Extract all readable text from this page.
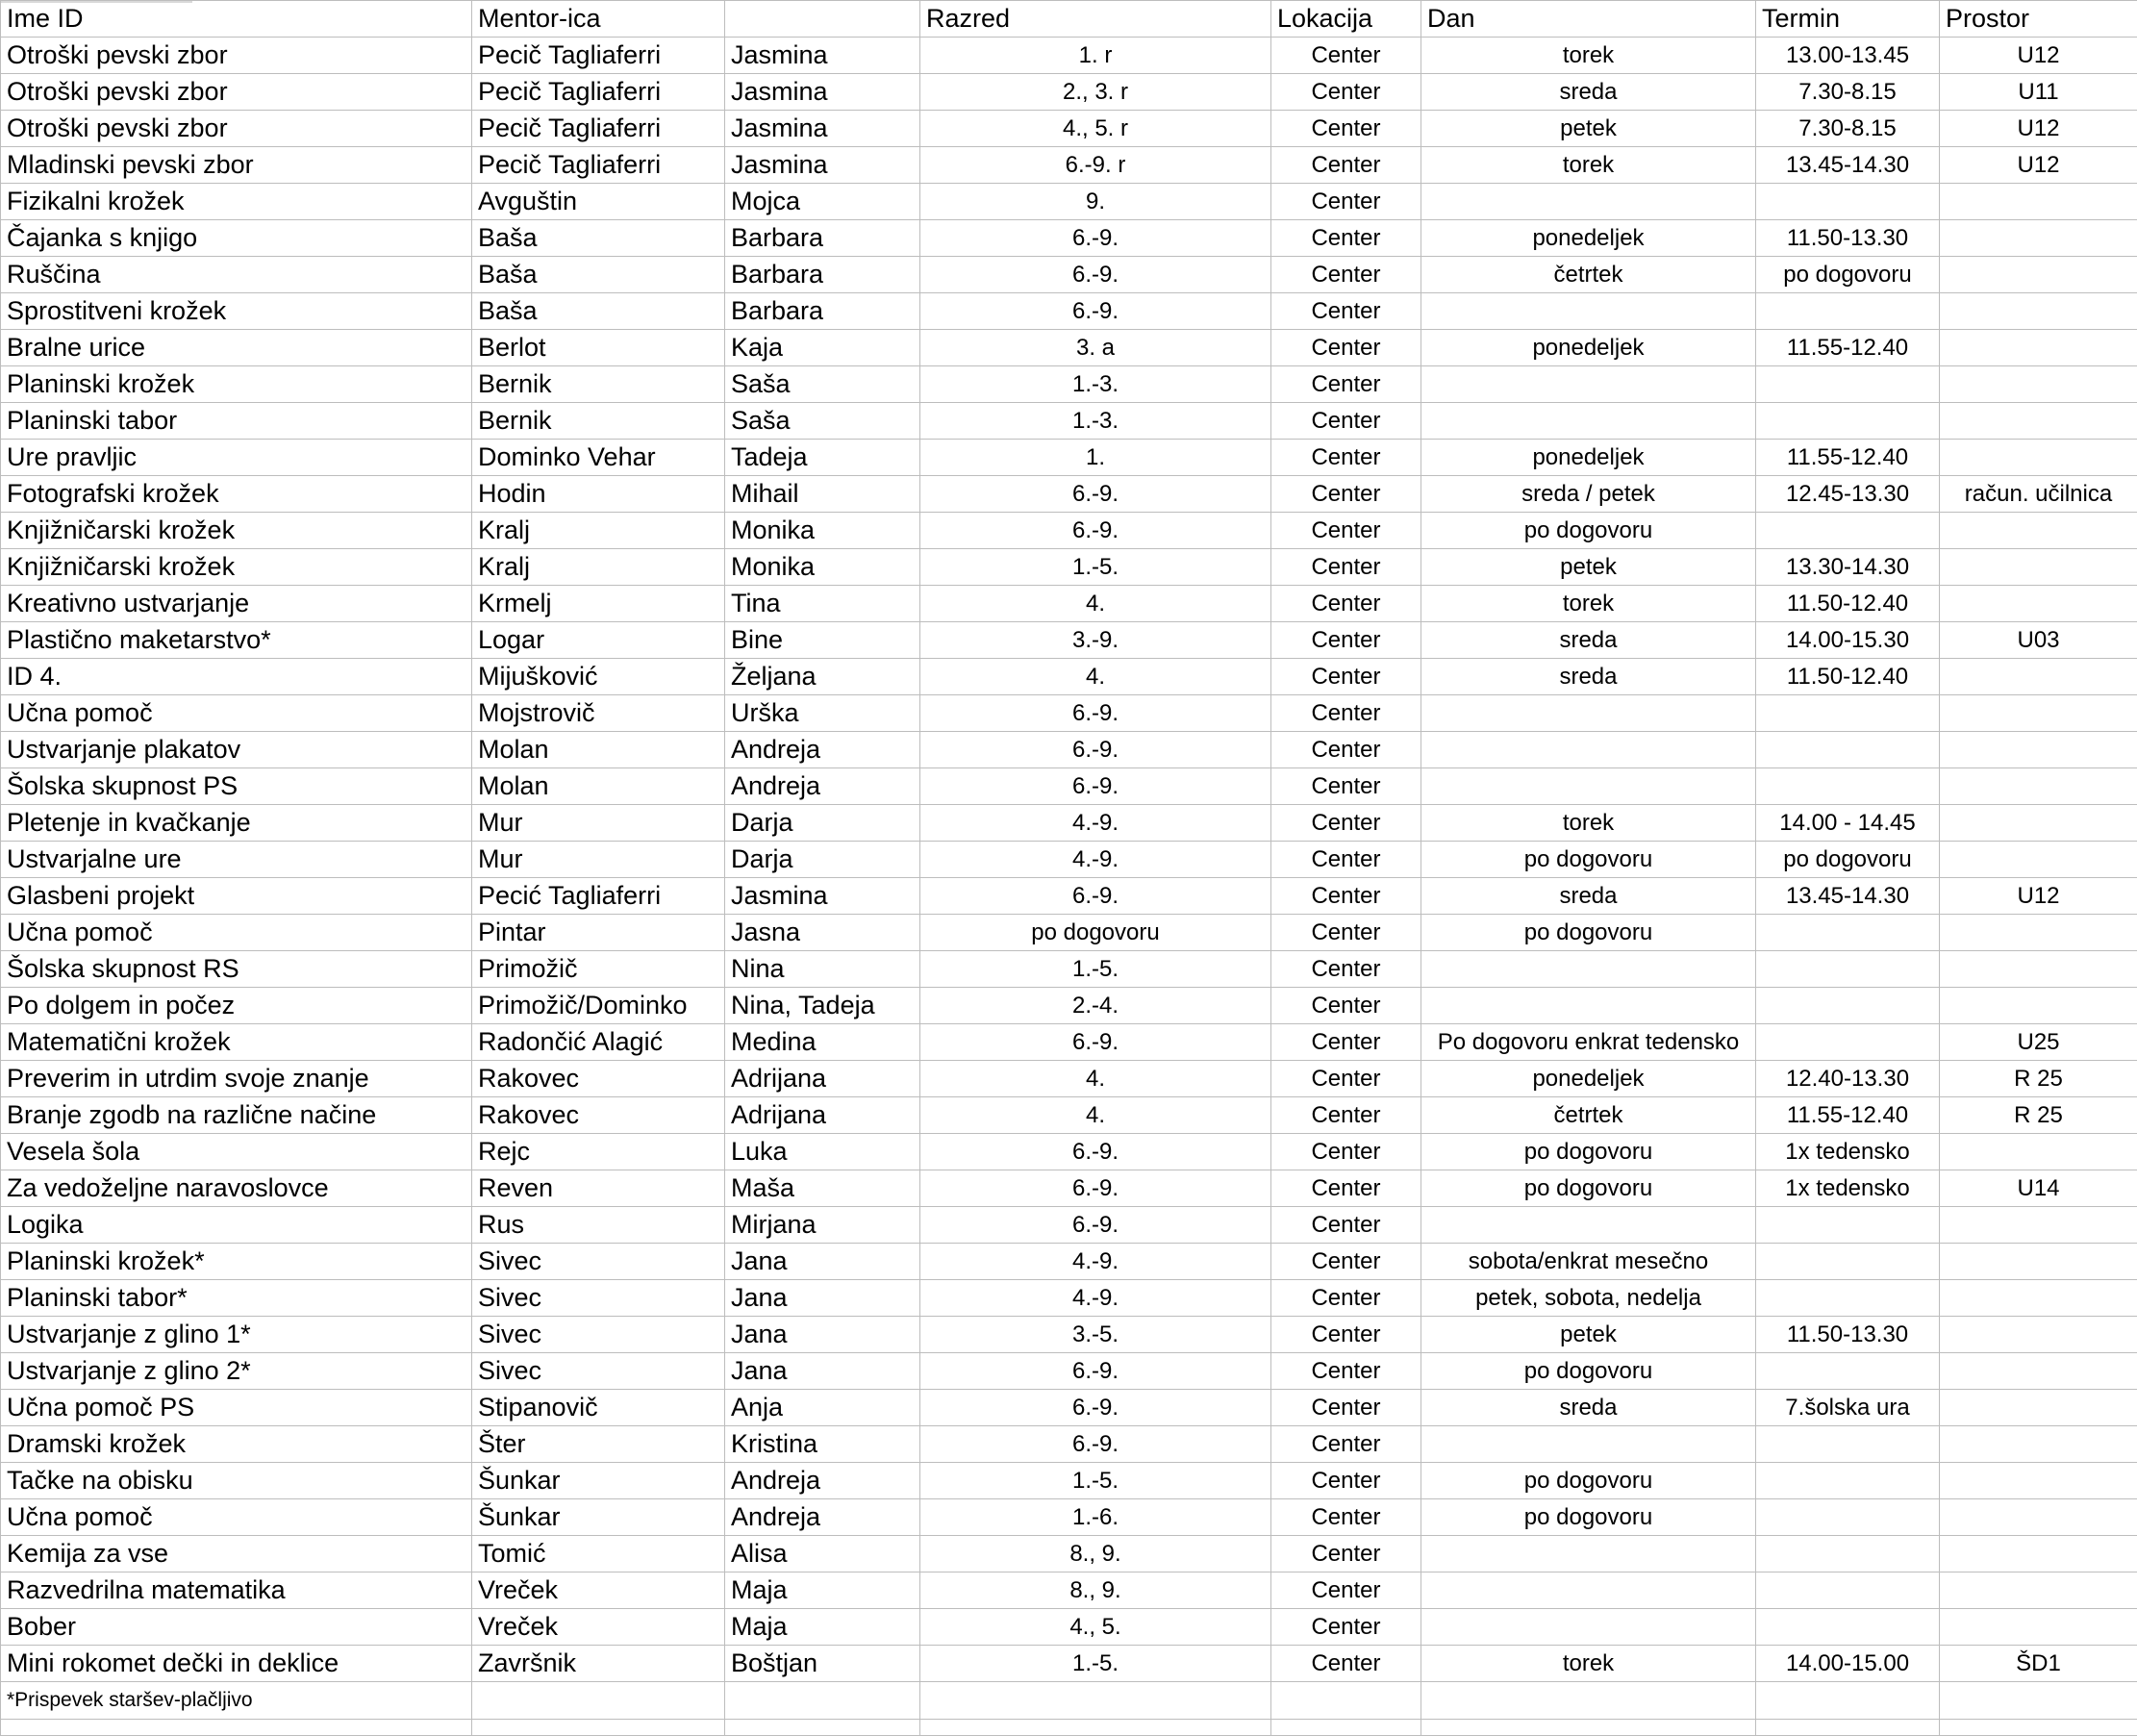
Ime ID	Mentor-ica		Razred	Lokacija	Dan	Termin	Prostor
Otroški pevski zbor	Pecič Tagliaferri	Jasmina	1. r	Center	torek	13.00-13.45	U12
Otroški pevski zbor	Pecič Tagliaferri	Jasmina	2., 3. r	Center	sreda	7.30-8.15	U11
Otroški pevski zbor	Pecič Tagliaferri	Jasmina	4., 5. r	Center	petek	7.30-8.15	U12
Mladinski pevski zbor	Pecič Tagliaferri	Jasmina	6.-9. r	Center	torek	13.45-14.30	U12
Fizikalni krožek	Avguštin	Mojca	9.	Center			
Čajanka s knjigo	Baša	Barbara	6.-9.	Center	ponedeljek	11.50-13.30	
Ruščina	Baša	Barbara	6.-9.	Center	četrtek	po dogovoru	
Sprostitveni krožek	Baša	Barbara	6.-9.	Center			
Bralne urice	Berlot	Kaja	3. a	Center	ponedeljek	11.55-12.40	
Planinski krožek	Bernik	Saša	1.-3.	Center			
Planinski tabor	Bernik	Saša	1.-3.	Center			
Ure pravljic	Dominko Vehar	Tadeja	1.	Center	ponedeljek	11.55-12.40	
Fotografski krožek	Hodin	Mihail	6.-9.	Center	sreda / petek	12.45-13.30	račun. učilnica
Knjižničarski krožek	Kralj	Monika	6.-9.	Center	po dogovoru		
Knjižničarski krožek	Kralj	Monika	1.-5.	Center	petek	13.30-14.30	
Kreativno ustvarjanje	Krmelj	Tina	4.	Center	torek	11.50-12.40	
Plastično maketarstvo*	Logar	Bine	3.-9.	Center	sreda	14.00-15.30	U03
ID 4.	Mijušković	Željana	4.	Center	sreda	11.50-12.40	
Učna pomoč	Mojstrovič	Urška	6.-9.	Center			
Ustvarjanje plakatov	Molan	Andreja	6.-9.	Center			
Šolska skupnost PS	Molan	Andreja	6.-9.	Center			
Pletenje in kvačkanje	Mur	Darja	4.-9.	Center	torek	14.00 - 14.45	
Ustvarjalne ure	Mur	Darja	4.-9.	Center	po dogovoru	po dogovoru	
Glasbeni projekt	Pecić Tagliaferri	Jasmina	6.-9.	Center	sreda	13.45-14.30	U12
Učna pomoč	Pintar	Jasna	po dogovoru	Center	po dogovoru		
Šolska skupnost RS	Primožič	Nina	1.-5.	Center			
Po dolgem in počez	Primožič/Dominko	Nina, Tadeja	2.-4.	Center			
Matematični krožek	Radončić Alagić	Medina	6.-9.	Center	Po dogovoru enkrat tedensko		U25
Preverim in utrdim svoje znanje	Rakovec	Adrijana	4.	Center	ponedeljek	12.40-13.30	R 25
Branje zgodb na različne načine	Rakovec	Adrijana	4.	Center	četrtek	11.55-12.40	R 25
Vesela šola	Rejc	Luka	6.-9.	Center	po dogovoru	1x tedensko	
Za vedoželjne naravoslovce	Reven	Maša	6.-9.	Center	po dogovoru	1x tedensko	U14
Logika	Rus	Mirjana	6.-9.	Center			
Planinski krožek*	Sivec	Jana	4.-9.	Center	sobota/enkrat mesečno		
Planinski tabor*	Sivec	Jana	4.-9.	Center	petek, sobota, nedelja		
Ustvarjanje z glino 1*	Sivec	Jana	3.-5.	Center	petek	11.50-13.30	
Ustvarjanje z glino 2*	Sivec	Jana	6.-9.	Center	po dogovoru		
Učna pomoč PS	Stipanovič	Anja	6.-9.	Center	sreda	7.šolska ura	
Dramski krožek	Šter	Kristina	6.-9.	Center			
Tačke na obisku	Šunkar	Andreja	1.-5.	Center	po dogovoru		
Učna pomoč	Šunkar	Andreja	1.-6.	Center	po dogovoru		
Kemija za vse	Tomić	Alisa	8., 9.	Center			
Razvedrilna matematika	Vreček	Maja	8., 9.	Center			
Bober	Vreček	Maja	4., 5.	Center			
Mini rokomet dečki in deklice	Završnik	Boštjan	1.-5.	Center	torek	14.00-15.00	ŠD1
*Prispevek staršev-plačljivo							
